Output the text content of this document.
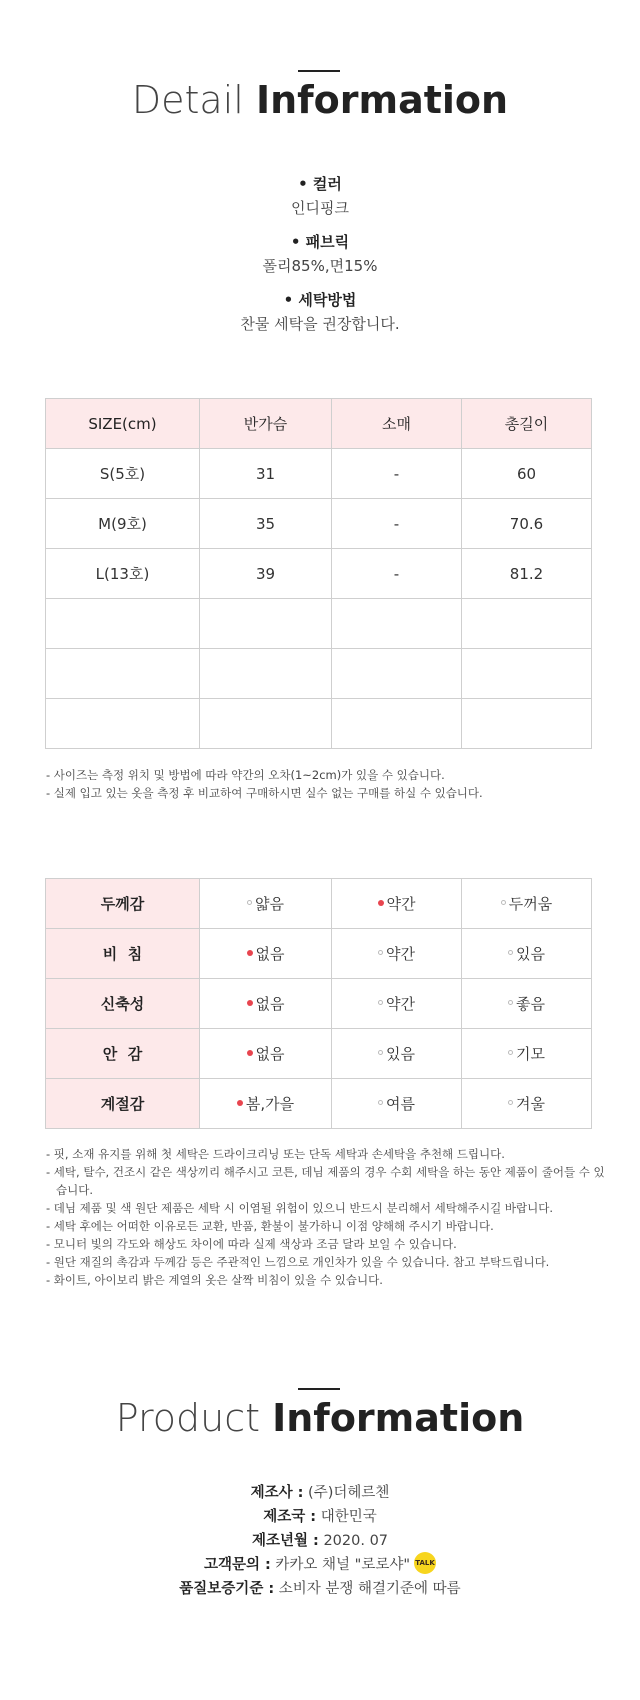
Detail Information
• 컬러
인디핑크
• 패브릭
폴리85%,면15%
• 세탁방법
찬물 세탁을 권장합니다.
SIZE(cm)	반가슴	소매	총길이
S(5호)	31	-	60
M(9호)	35	-	70.6
L(13호)	39	-	81.2

- 사이즈는 측정 위치 및 방법에 따라 약간의 오차(1~2cm)가 있을 수 있습니다.
- 실제 입고 있는 옷을 측정 후 비교하여 구매하시면 실수 없는 구매를 하실 수 있습니다.
두께감	얇음	약간	두꺼움
비  침	없음	약간	있음
신축성	없음	약간	좋음
안  감	없음	있음	기모
계절감	봄,가을	여름	겨울
- 핏, 소재 유지를 위해 첫 세탁은 드라이크리닝 또는 단독 세탁과 손세탁을 추천해 드립니다.
- 세탁, 탈수, 건조시 같은 색상끼리 해주시고 코튼, 데님 제품의 경우 수회 세탁을 하는 동안 제품이 줄어들 수 있습니다.
- 데님 제품 및 색 원단 제품은 세탁 시 이염될 위험이 있으니 반드시 분리해서 세탁해주시길 바랍니다.
- 세탁 후에는 어떠한 이유로든 교환, 반품, 환불이 불가하니 이점 양해해 주시기 바랍니다.
- 모니터 빛의 각도와 해상도 차이에 따라 실제 색상과 조금 달라 보일 수 있습니다.
- 원단 재질의 촉감과 두께감 등은 주관적인 느낌으로 개인차가 있을 수 있습니다. 참고 부탁드립니다.
- 화이트, 아이보리 밝은 계열의 옷은 살짝 비침이 있을 수 있습니다.
Product Information
제조사 : (주)더헤르첸
제조국 : 대한민국
제조년월 : 2020. 07
고객문의 : 카카오 채널 "로로샤" TALK
품질보증기준 : 소비자 분쟁 해결기준에 따름
